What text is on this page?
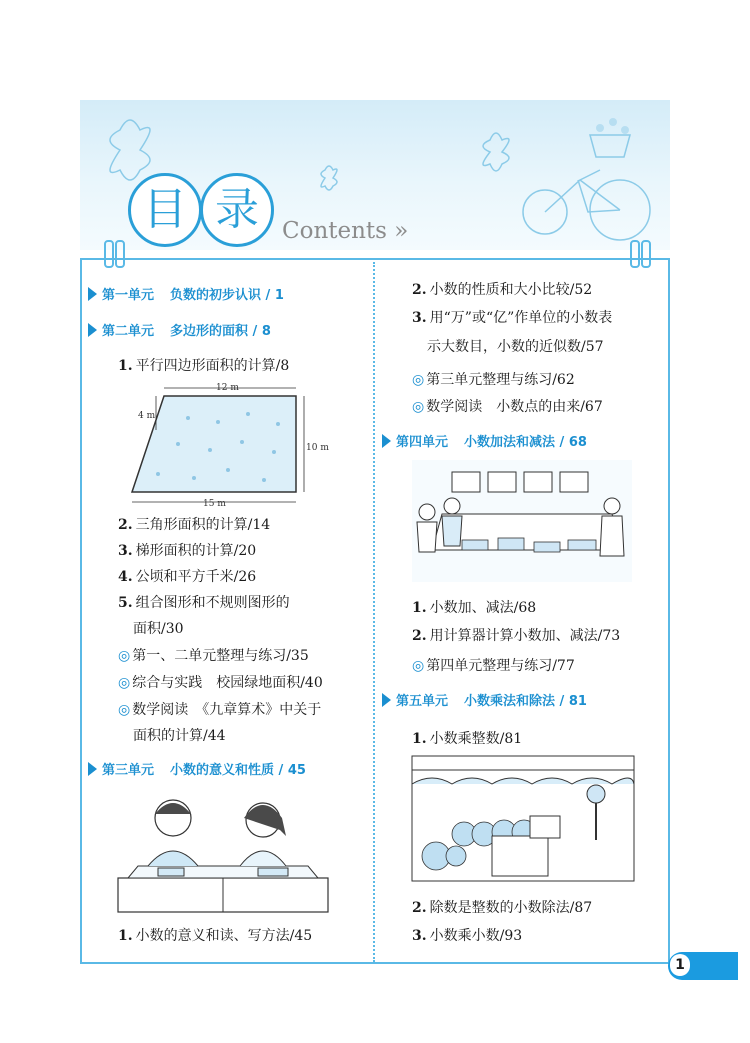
目 录	Contents »
第一单元 负数的初步认识 / 1
第二单元 多边形的面积 / 8
1. 平行四边形面积的计算/8
12 m
15 m
10 m
4 m
2. 三角形面积的计算/14
3. 梯形面积的计算/20
4. 公顷和平方千米/26
5. 组合图形和不规则图形的
面积/30
◎ 第一、二单元整理与练习/35
◎ 综合与实践　校园绿地面积/40
◎ 数学阅读　《九章算术》中关于
面积的计算/44
第三单元 小数的意义和性质 / 45
1. 小数的意义和读、写方法/45
2. 小数的性质和大小比较/52
3. 用“万”或“亿”作单位的小数表
示大数目，小数的近似数/57
◎ 第三单元整理与练习/62
◎ 数学阅读　小数点的由来/67
第四单元 小数加法和减法 / 68
1. 小数加、减法/68
2. 用计算器计算小数加、减法/73
◎ 第四单元整理与练习/77
第五单元 小数乘法和除法 / 81
1. 小数乘整数/81
2. 除数是整数的小数除法/87
3. 小数乘小数/93
1
